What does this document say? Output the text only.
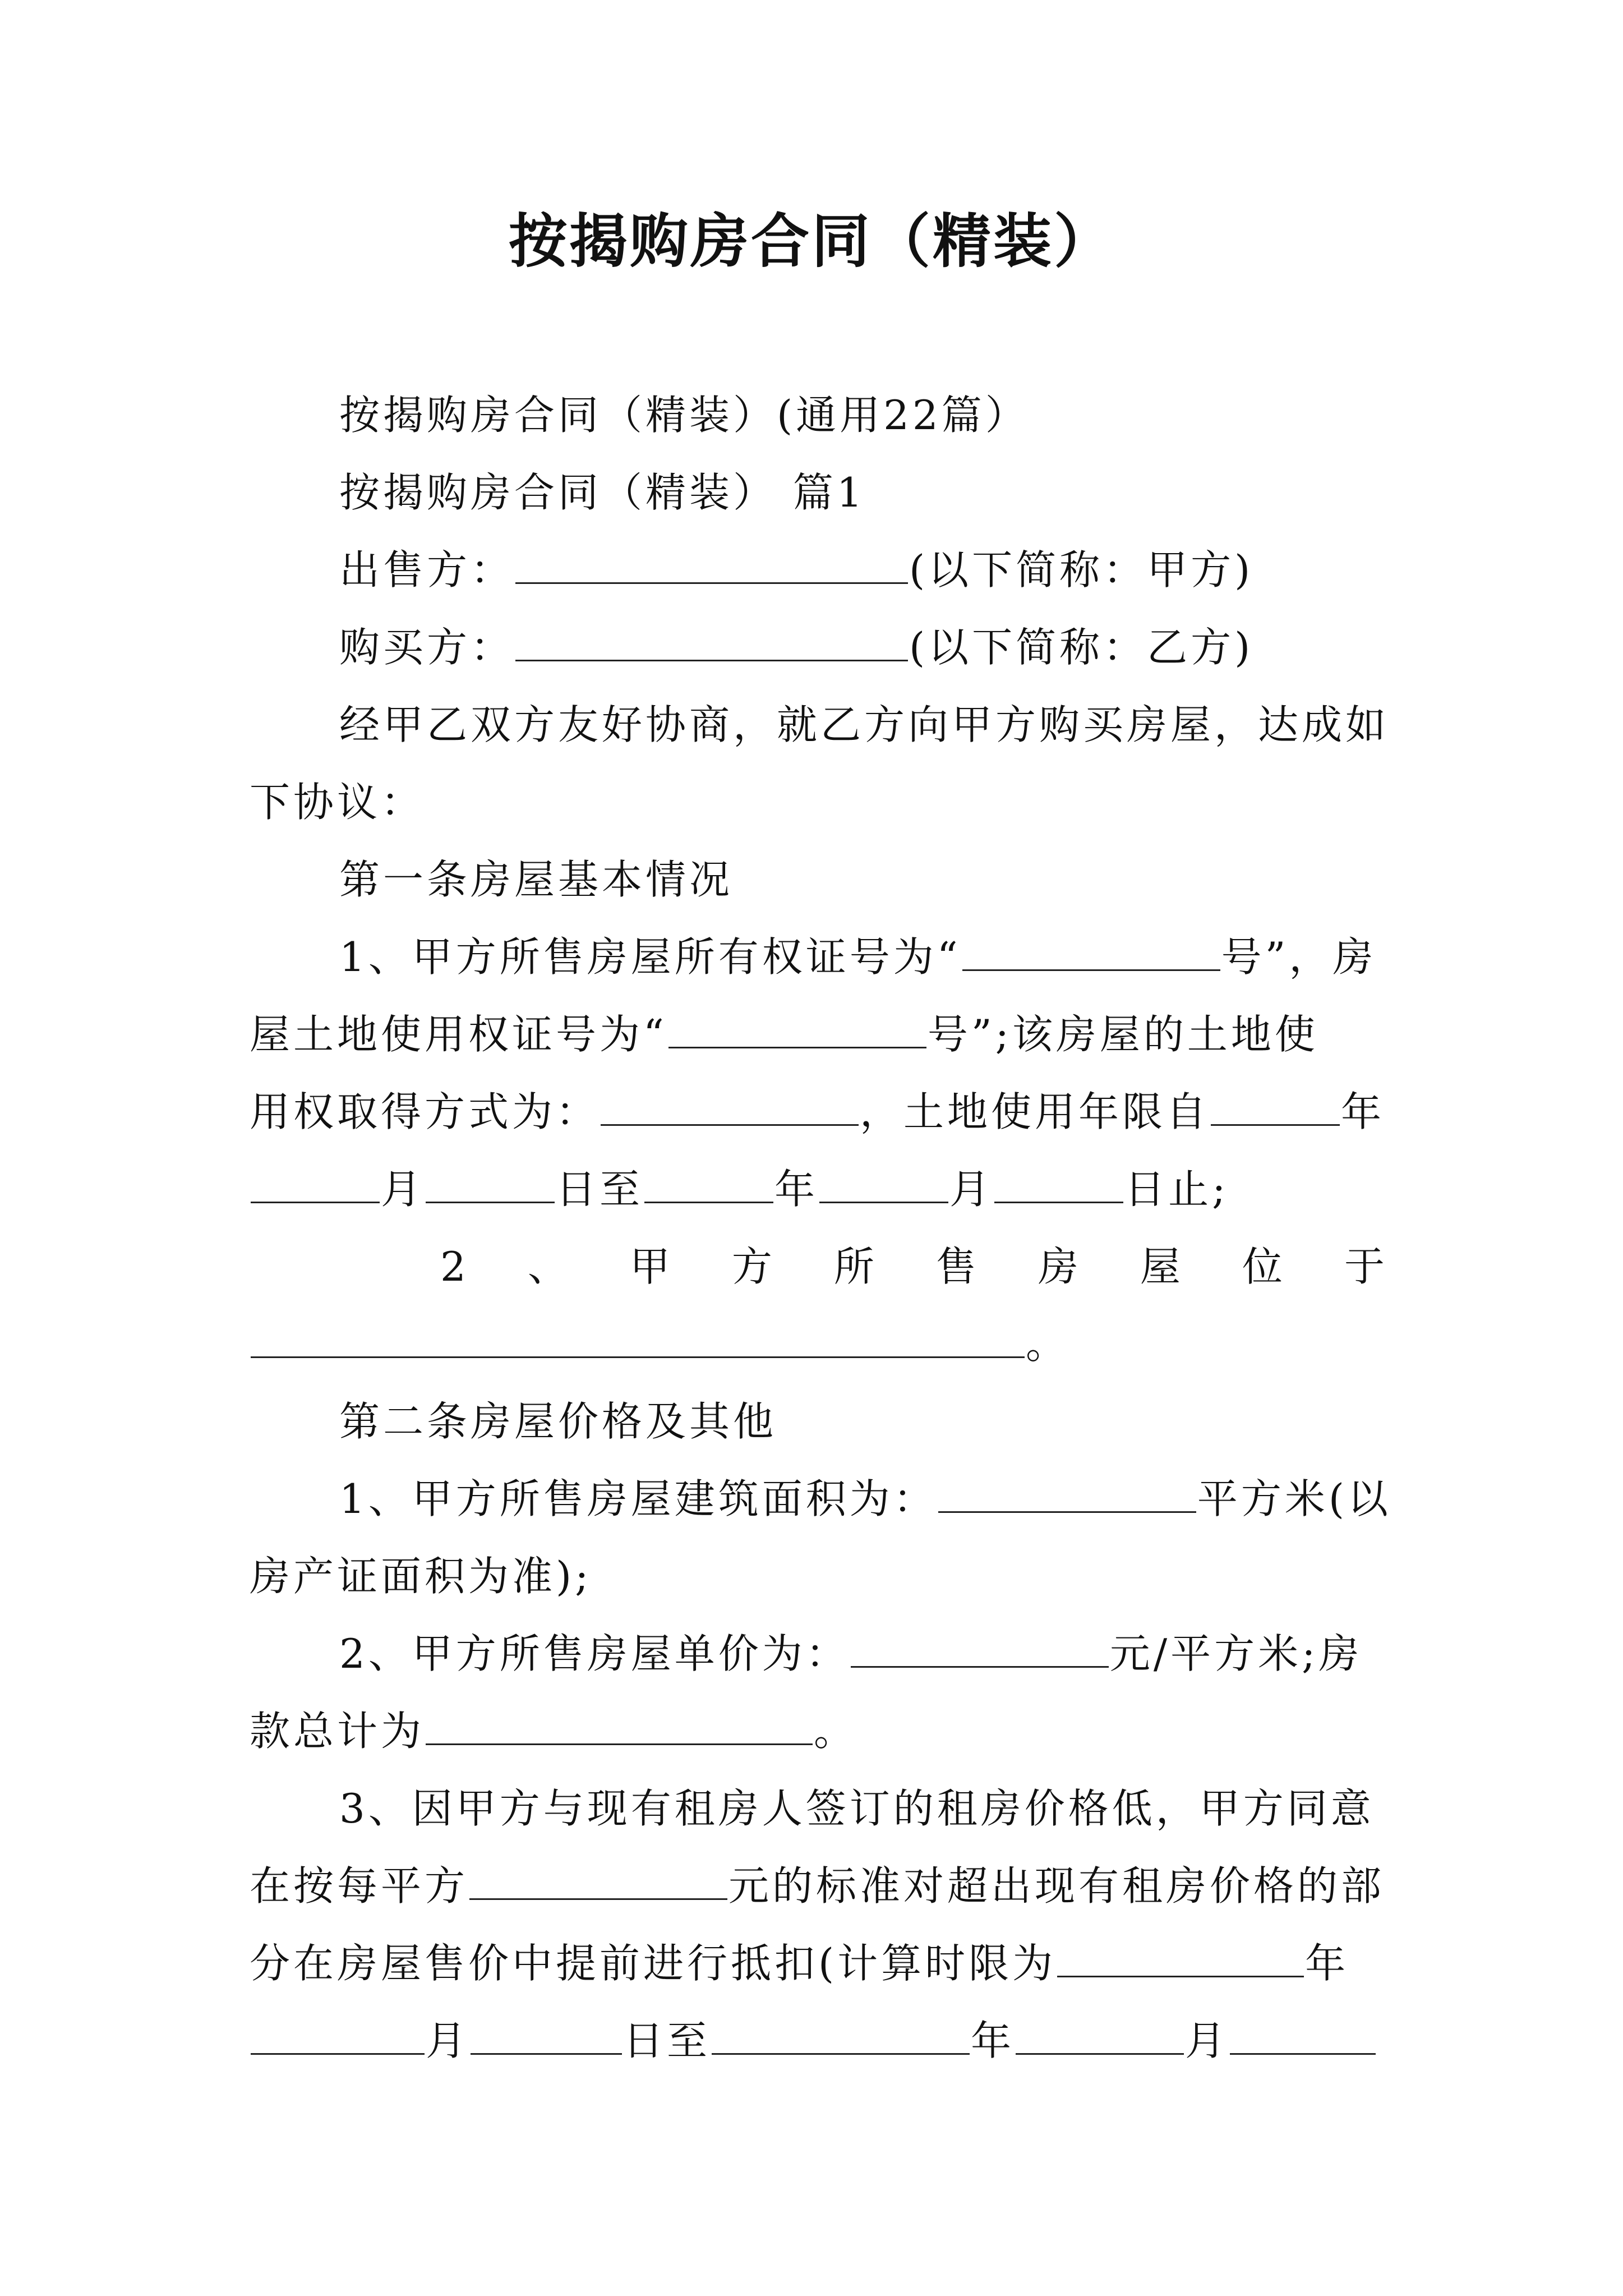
按揭购房合同（精装）
按揭购房合同（精装）(通用22篇）
按揭购房合同（精装） 篇1
出售方：	(以下简称：甲方)
购买方：	(以下简称：乙方)
经甲乙双方友好协商，就乙方向甲方购买房屋，达成如
下协议：
第一条房屋基本情况
1、甲方所售房屋所有权证号为“	号”，房
屋土地使用权证号为“	号”;该房屋的土地使
用权取得方式为：	，土地使用年限自	年
月	日至	年	月	日止;
2 、 甲 方 所 售 房 屋 位 于
。
第二条房屋价格及其他
1、甲方所售房屋建筑面积为：	平方米(以
房产证面积为准);
2、甲方所售房屋单价为：	元/平方米;房
款总计为	。
3、因甲方与现有租房人签订的租房价格低，甲方同意
在按每平方	元的标准对超出现有租房价格的部
分在房屋售价中提前进行抵扣(计算时限为	年
月	日至	年	月
